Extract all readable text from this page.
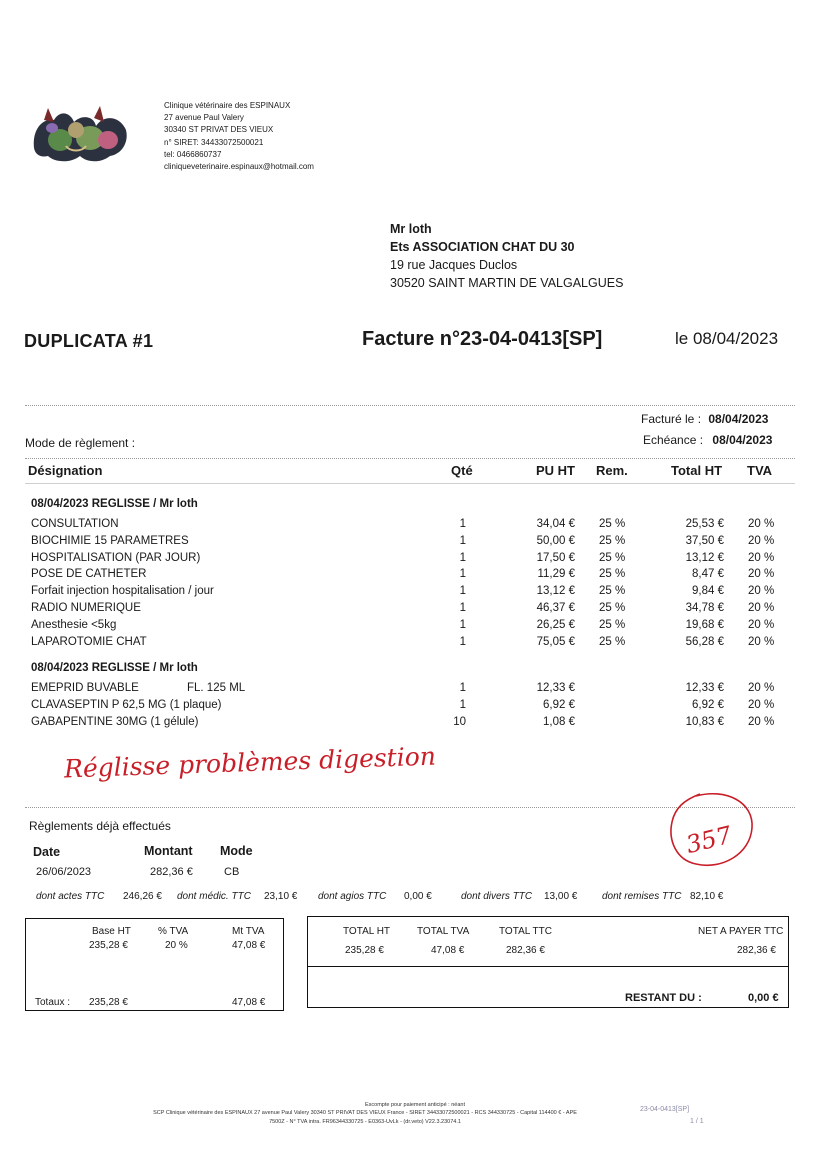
Clinique vétérinaire des ESPINAUX
27 avenue Paul Valery
30340 ST PRIVAT DES VIEUX
n° SIRET: 34433072500021
tel: 0466860737
cliniqueveterinaire.espinaux@hotmail.com
Mr loth
Ets ASSOCIATION CHAT DU 30
19 rue Jacques Duclos
30520 SAINT MARTIN DE VALGALGUES
DUPLICATA #1	Facture n°23-04-0413[SP]	le 08/04/2023
Facturé le : 08/04/2023
Echéance : 08/04/2023
Mode de règlement :
Désignation	Qté	PU HT Rem.	Total HT TVA
08/04/2023 REGLISSE / Mr loth
CONSULTATION	1	34,04 € 25 %	25,53 € 20 %
BIOCHIMIE 15 PARAMETRES	1	50,00 € 25 %	37,50 € 20 %
HOSPITALISATION (PAR JOUR)	1	17,50 € 25 %	13,12 € 20 %
POSE DE CATHETER	1	11,29 € 25 %	8,47 € 20 %
Forfait injection hospitalisation / jour	1	13,12 € 25 %	9,84 € 20 %
RADIO NUMERIQUE	1	46,37 € 25 %	34,78 € 20 %
Anesthesie <5kg	1	26,25 € 25 %	19,68 € 20 %
LAPAROTOMIE CHAT	1	75,05 € 25 %	56,28 € 20 %
08/04/2023 REGLISSE / Mr loth
EMEPRID BUVABLE	FL. 125 ML	1	12,33 €	12,33 € 20 %
CLAVASEPTIN P 62,5 MG (1 plaque)	1	6,92 €	6,92 € 20 %
GABAPENTINE 30MG (1 gélule)	10	1,08 €	10,83 € 20 %
Réglisse problèmes digestion
357
Règlements déjà effectués
Date	Montant Mode
26/06/2023	282,36 €	CB
dont actes TTC 246,26 € dont médic. TTC 23,10 € dont agios TTC 0,00 €	dont divers TTC 13,00 € dont remises TTC 82,10 €
Base HT	% TVA	Mt TVA
235,28 €	20 %	47,08 €
Totaux : 235,28 €	47,08 €
TOTAL HT	TOTAL TVA	TOTAL TTC	NET A PAYER TTC
235,28 €	47,08 €	282,36 €	282,36 €
RESTANT DU :	0,00 €
Escompte pour paiement anticipé : néant
SCP Clinique vétérinaire des ESPINAUX 27 avenue Paul Valery 30340 ST PRIVAT DES VIEUX France - SIRET 34433072500021 - RCS 344330725 - Capital 114400 € - APE
7500Z - N° TVA intra. FR96344330725 - E0363-UvLk - (dr.veto) V22.3.23074.1
23-04-0413[SP]
1 / 1
